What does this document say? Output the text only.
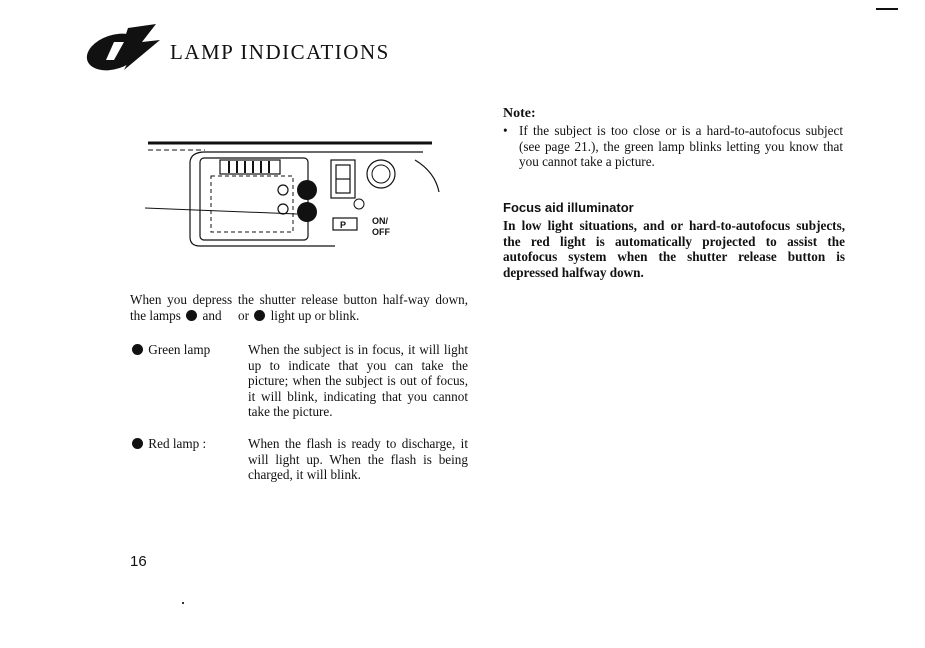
LAMP INDICATIONS
P	ON/
OFF
When you depress the shutter release button half-way down, the lamps and or light up or blink.
Green lamp	When the subject is in focus, it will light up to indicate that you can take the picture; when the subject is out of focus, it will blink, indicating that you cannot take the picture.
Red lamp :	When the flash is ready to discharge, it will light up. When the flash is being charged, it will blink.
Note:
• If the subject is too close or is a hard-to-autofocus subject (see page 21.), the green lamp blinks letting you know that you cannot take a picture.
Focus aid illuminator
In low light situations, and or hard-to-autofocus subjects, the red light is automatically projected to assist the autofocus system when the shutter release button is depressed halfway down.
16
